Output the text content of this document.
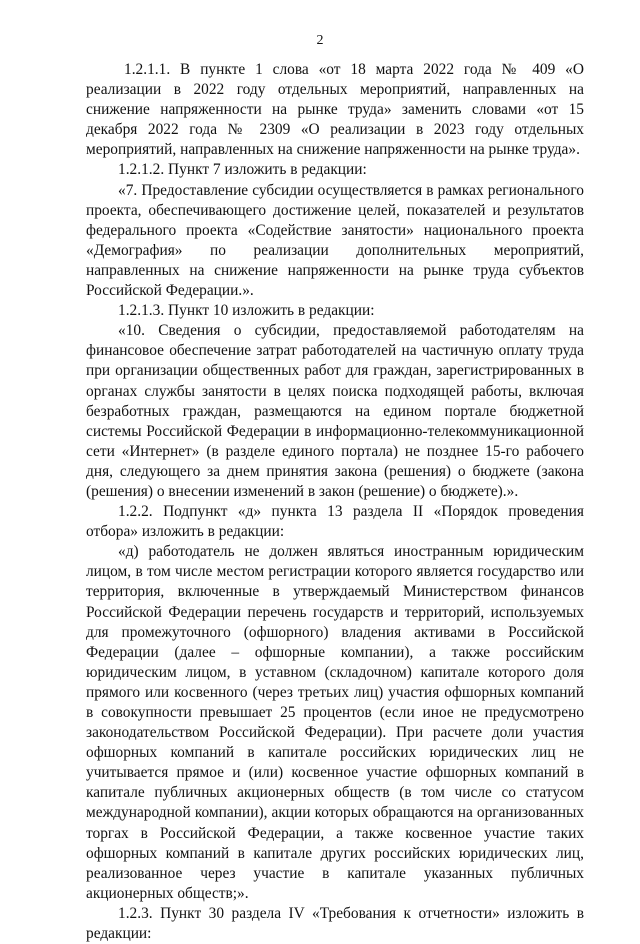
2

1.2.1.1. В пункте 1 слова «от 18 марта 2022 года № 409 «О реализации в 2022 году отдельных мероприятий, направленных на снижение напряженности на рынке труда» заменить словами «от 15 декабря 2022 года № 2309 «О реализации в 2023 году отдельных мероприятий, направленных на снижение напряженности на рынке труда».

1.2.1.2. Пункт 7 изложить в редакции:

«7. Предоставление субсидии осуществляется в рамках регионального проекта, обеспечивающего достижение целей, показателей и результатов федерального проекта «Содействие занятости» национального проекта «Демография» по реализации дополнительных мероприятий, направленных на снижение напряженности на рынке труда субъектов Российской Федерации.».

1.2.1.3. Пункт 10 изложить в редакции:

«10. Сведения о субсидии, предоставляемой работодателям на финансовое обеспечение затрат работодателей на частичную оплату труда при организации общественных работ для граждан, зарегистрированных в органах службы занятости в целях поиска подходящей работы, включая безработных граждан, размещаются на едином портале бюджетной системы Российской Федерации в информационно-телекоммуникационной сети «Интернет» (в разделе единого портала) не позднее 15-го рабочего дня, следующего за днем принятия закона (решения) о бюджете (закона (решения) о внесении изменений в закон (решение) о бюджете).».

1.2.2. Подпункт «д» пункта 13 раздела II «Порядок проведения отбора» изложить в редакции:

«д) работодатель не должен являться иностранным юридическим лицом, в том числе местом регистрации которого является государство или территория, включенные в утверждаемый Министерством финансов Российской Федерации перечень государств и территорий, используемых для промежуточного (офшорного) владения активами в Российской Федерации (далее – офшорные компании), а также российским юридическим лицом, в уставном (складочном) капитале которого доля прямого или косвенного (через третьих лиц) участия офшорных компаний в совокупности превышает 25 процентов (если иное не предусмотрено законодательством Российской Федерации). При расчете доли участия офшорных компаний в капитале российских юридических лиц не учитывается прямое и (или) косвенное участие офшорных компаний в капитале публичных акционерных обществ (в том числе со статусом международной компании), акции которых обращаются на организованных торгах в Российской Федерации, а также косвенное участие таких офшорных компаний в капитале других российских юридических лиц, реализованное через участие в капитале указанных публичных акционерных обществ;».

1.2.3. Пункт 30 раздела IV «Требования к отчетности» изложить в редакции:
